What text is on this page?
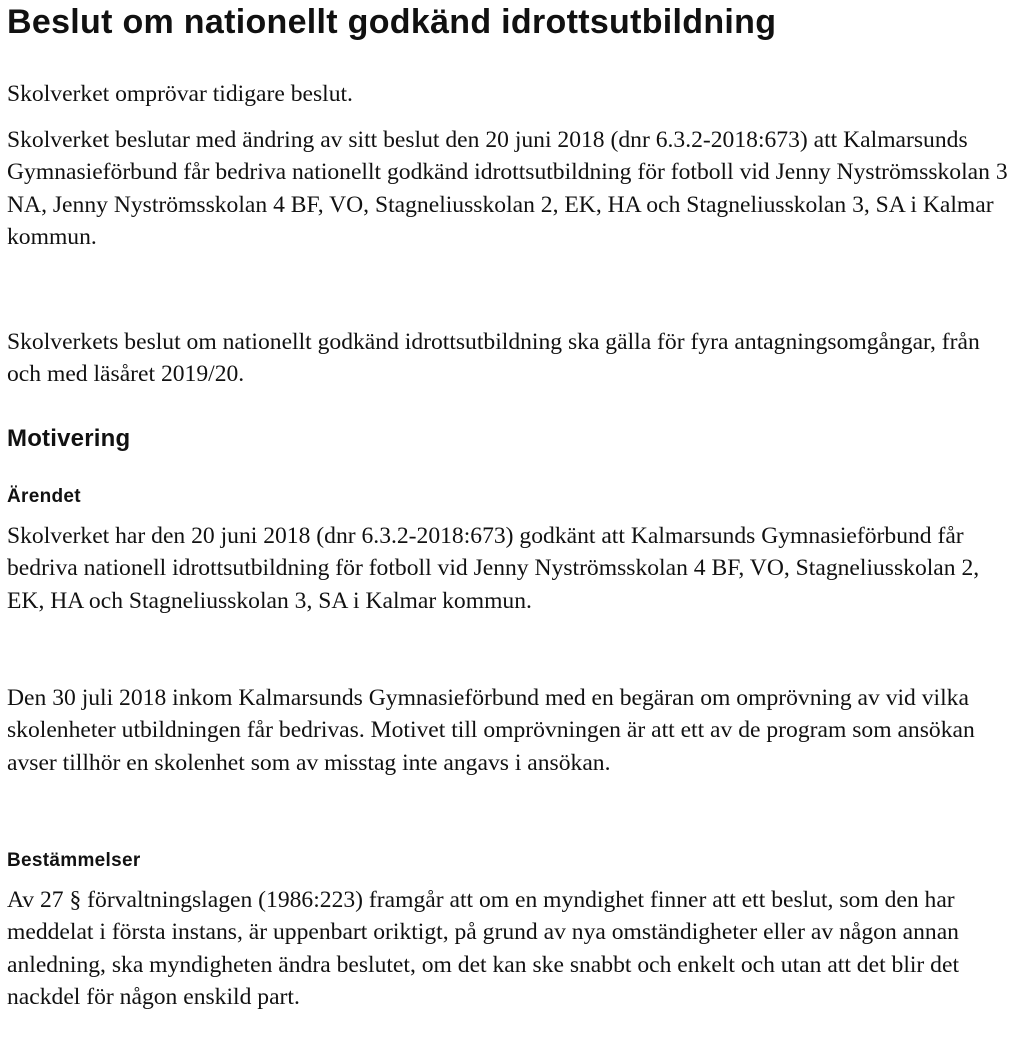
Beslut om nationellt godkänd idrottsutbildning

Skolverket omprövar tidigare beslut.

Skolverket beslutar med ändring av sitt beslut den 20 juni 2018 (dnr 6.3.2-2018:673) att Kalmarsunds Gymnasieförbund får bedriva nationellt godkänd idrottsutbildning för fotboll vid Jenny Nyströmsskolan 3 NA, Jenny Nyströmsskolan 4 BF, VO, Stagneliusskolan 2, EK, HA och Stagneliusskolan 3, SA i Kalmar kommun.

Skolverkets beslut om nationellt godkänd idrottsutbildning ska gälla för fyra antagningsomgångar, från och med läsåret 2019/20.

Motivering
Ärendet

Skolverket har den 20 juni 2018 (dnr 6.3.2-2018:673) godkänt att Kalmarsunds Gymnasieförbund får bedriva nationell idrottsutbildning för fotboll vid Jenny Nyströmsskolan 4 BF, VO, Stagneliusskolan 2, EK, HA och Stagneliusskolan 3, SA i Kalmar kommun.

Den 30 juli 2018 inkom Kalmarsunds Gymnasieförbund med en begäran om omprövning av vid vilka skolenheter utbildningen får bedrivas. Motivet till omprövningen är att ett av de program som ansökan avser tillhör en skolenhet som av misstag inte angavs i ansökan.

Bestämmelser

Av 27 § förvaltningslagen (1986:223) framgår att om en myndighet finner att ett beslut, som den har meddelat i första instans, är uppenbart oriktigt, på grund av nya omständigheter eller av någon annan anledning, ska myndigheten ändra beslutet, om det kan ske snabbt och enkelt och utan att det blir det nackdel för någon enskild part.
